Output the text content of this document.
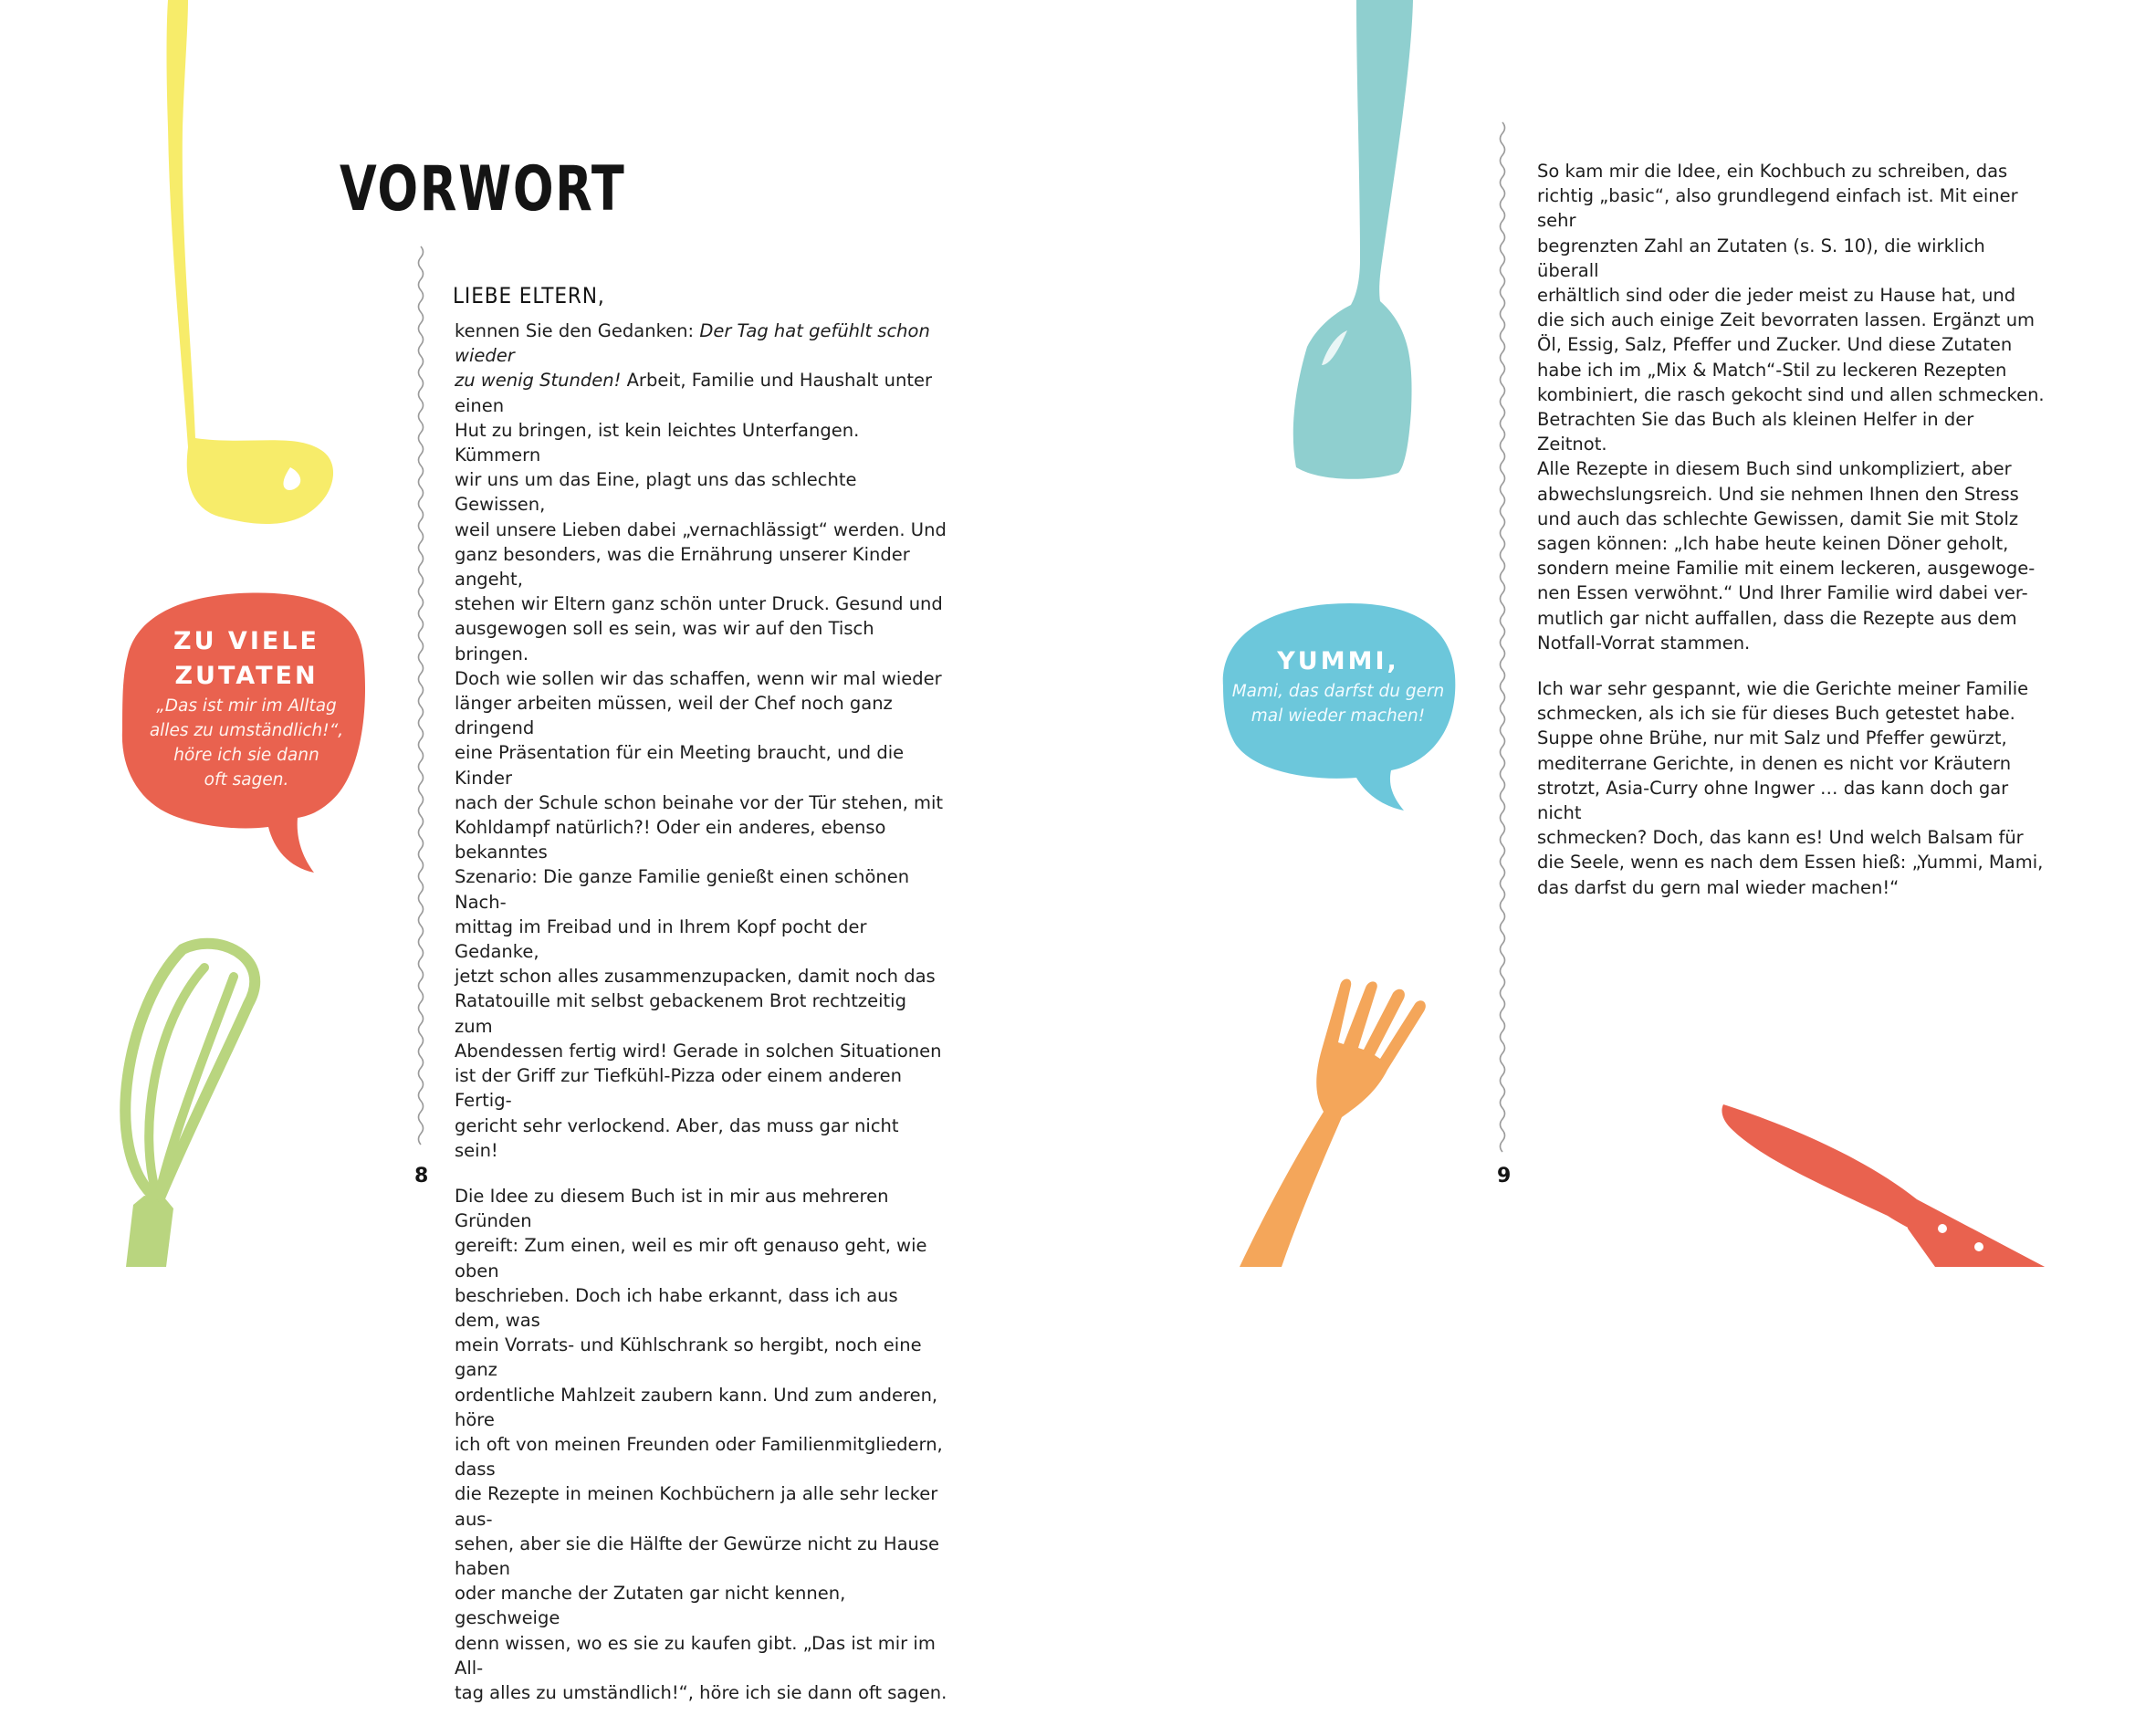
VORWORT
LIEBE ELTERN,

kennen Sie den Gedanken: Der Tag hat gefühlt schon wieder
zu wenig Stunden! Arbeit, Familie und Haushalt unter einen
Hut zu bringen, ist kein leichtes Unterfangen. Kümmern
wir uns um das Eine, plagt uns das schlechte Gewissen,
weil unsere Lieben dabei „vernachlässigt“ werden. Und
ganz besonders, was die Ernährung unserer Kinder angeht,
stehen wir Eltern ganz schön unter Druck. Gesund und
ausgewogen soll es sein, was wir auf den Tisch bringen.
Doch wie sollen wir das schaffen, wenn wir mal wieder
länger arbeiten müssen, weil der Chef noch ganz dringend
eine Präsentation für ein Meeting braucht, und die Kinder
nach der Schule schon beinahe vor der Tür stehen, mit
Kohldampf natürlich?! Oder ein anderes, ebenso bekanntes
Szenario: Die ganze Familie genießt einen schönen Nach-
mittag im Freibad und in Ihrem Kopf pocht der Gedanke,
jetzt schon alles zusammenzupacken, damit noch das
Ratatouille mit selbst gebackenem Brot rechtzeitig zum
Abendessen fertig wird! Gerade in solchen Situationen
ist der Griff zur Tiefkühl-Pizza oder einem anderen Fertig-
gericht sehr verlockend. Aber, das muss gar nicht sein!

Die Idee zu diesem Buch ist in mir aus mehreren Gründen
gereift: Zum einen, weil es mir oft genauso geht, wie oben
beschrieben. Doch ich habe erkannt, dass ich aus dem, was
mein Vorrats- und Kühlschrank so hergibt, noch eine ganz
ordentliche Mahlzeit zaubern kann. Und zum anderen, höre
ich oft von meinen Freunden oder Familienmitgliedern, dass
die Rezepte in meinen Kochbüchern ja alle sehr lecker aus-
sehen, aber sie die Hälfte der Gewürze nicht zu Hause haben
oder manche der Zutaten gar nicht kennen, geschweige
denn wissen, wo es sie zu kaufen gibt. „Das ist mir im All-
tag alles zu umständlich!“, höre ich sie dann oft sagen.

ZU VIELE
ZUTATEN
„Das ist mir im Alltag
alles zu umständlich!“,
höre ich sie dann
oft sagen.
8

So kam mir die Idee, ein Kochbuch zu schreiben, das
richtig „basic“, also grundlegend einfach ist. Mit einer sehr
begrenzten Zahl an Zutaten (s. S. 10), die wirklich überall
erhältlich sind oder die jeder meist zu Hause hat, und
die sich auch einige Zeit bevorraten lassen. Ergänzt um
Öl, Essig, Salz, Pfeffer und Zucker. Und diese Zutaten
habe ich im „Mix & Match“-Stil zu leckeren Rezepten
kombiniert, die rasch gekocht sind und allen schmecken.
Betrachten Sie das Buch als kleinen Helfer in der Zeitnot.
Alle Rezepte in diesem Buch sind unkompliziert, aber
abwechslungsreich. Und sie nehmen Ihnen den Stress
und auch das schlechte Gewissen, damit Sie mit Stolz
sagen können: „Ich habe heute keinen Döner geholt,
sondern meine Familie mit einem leckeren, ausgewoge-
nen Essen verwöhnt.“ Und Ihrer Familie wird dabei ver-
mutlich gar nicht auffallen, dass die Rezepte aus dem
Notfall-Vorrat stammen.

Ich war sehr gespannt, wie die Gerichte meiner Familie
schmecken, als ich sie für dieses Buch getestet habe.
Suppe ohne Brühe, nur mit Salz und Pfeffer gewürzt,
mediterrane Gerichte, in denen es nicht vor Kräutern
strotzt, Asia-Curry ohne Ingwer … das kann doch gar nicht
schmecken? Doch, das kann es! Und welch Balsam für
die Seele, wenn es nach dem Essen hieß: „Yummi, Mami,
das darfst du gern mal wieder machen!“

YUMMI,
Mami, das darfst du gern
mal wieder machen!
9
